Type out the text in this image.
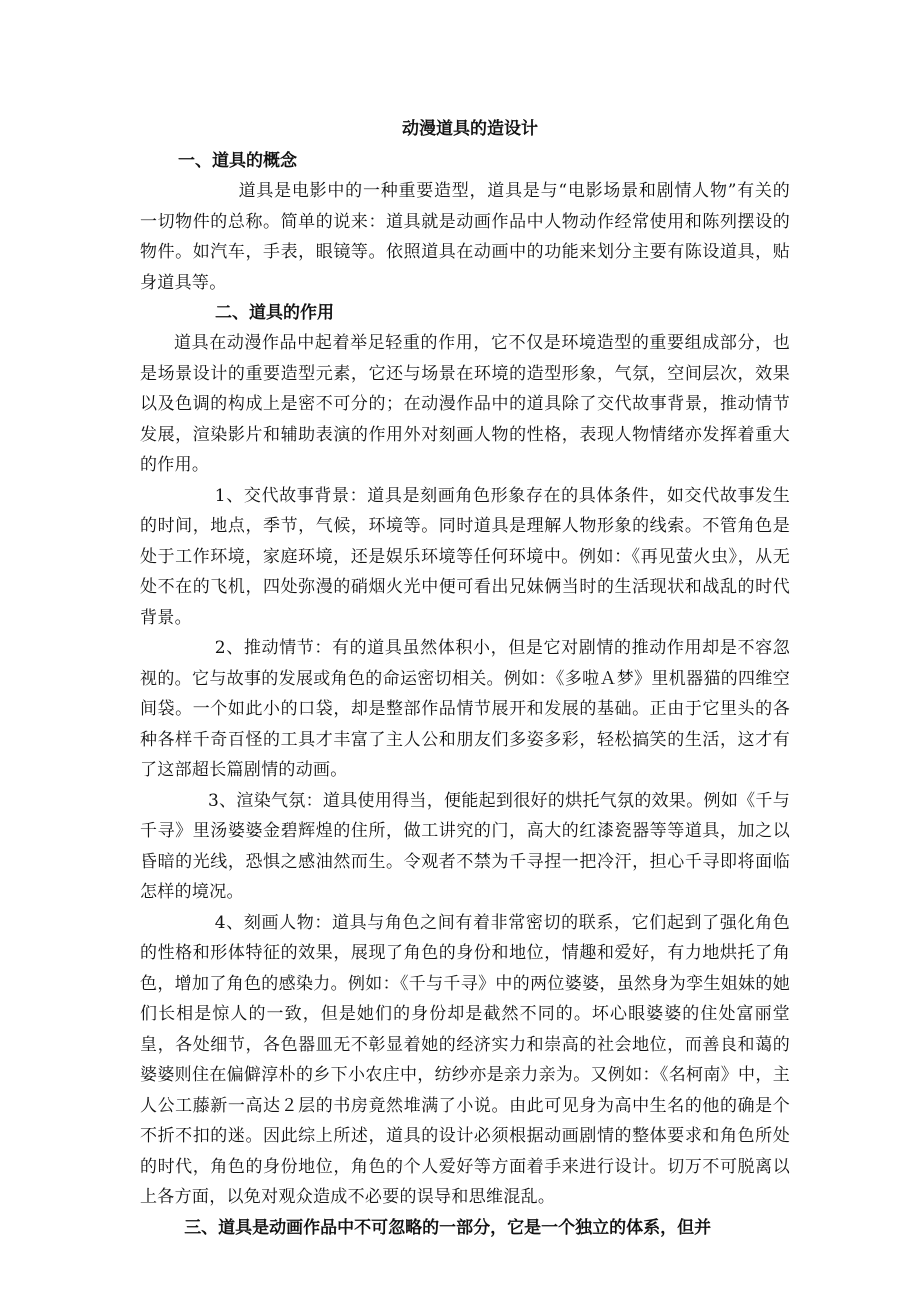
动漫道具的造设计
一、道具的概念

道具是电影中的一种重要造型，道具是与“电影场景和剧情人物”有关的一切物件的总称。简单的说来：道具就是动画作品中人物动作经常使用和陈列摆设的物件。如汽车，手表，眼镜等。依照道具在动画中的功能来划分主要有陈设道具，贴身道具等。

二、道具的作用

道具在动漫作品中起着举足轻重的作用，它不仅是环境造型的重要组成部分，也是场景设计的重要造型元素，它还与场景在环境的造型形象，气氛，空间层次，效果以及色调的构成上是密不可分的；在动漫作品中的道具除了交代故事背景，推动情节发展，渲染影片和辅助表演的作用外对刻画人物的性格，表现人物情绪亦发挥着重大的作用。

1、交代故事背景：道具是刻画角色形象存在的具体条件，如交代故事发生的时间，地点，季节，气候，环境等。同时道具是理解人物形象的线索。不管角色是处于工作环境，家庭环境，还是娱乐环境等任何环境中。例如：《再见萤火虫》，从无处不在的飞机，四处弥漫的硝烟火光中便可看出兄妹俩当时的生活现状和战乱的时代背景。

2、推动情节：有的道具虽然体积小，但是它对剧情的推动作用却是不容忽视的。它与故事的发展或角色的命运密切相关。例如：《多啦Ａ梦》里机器猫的四维空间袋。一个如此小的口袋，却是整部作品情节展开和发展的基础。正由于它里头的各种各样千奇百怪的工具才丰富了主人公和朋友们多姿多彩，轻松搞笑的生活，这才有了这部超长篇剧情的动画。

3、渲染气氛：道具使用得当，便能起到很好的烘托气氛的效果。例如《千与千寻》里汤婆婆金碧辉煌的住所，做工讲究的门，高大的红漆瓷器等等道具，加之以昏暗的光线，恐惧之感油然而生。令观者不禁为千寻捏一把冷汗，担心千寻即将面临怎样的境况。

4、刻画人物：道具与角色之间有着非常密切的联系，它们起到了强化角色的性格和形体特征的效果，展现了角色的身份和地位，情趣和爱好，有力地烘托了角色，增加了角色的感染力。例如：《千与千寻》中的两位婆婆，虽然身为孪生姐妹的她们长相是惊人的一致，但是她们的身份却是截然不同的。坏心眼婆婆的住处富丽堂皇，各处细节，各色器皿无不彰显着她的经济实力和崇高的社会地位，而善良和蔼的婆婆则住在偏僻淳朴的乡下小农庄中，纺纱亦是亲力亲为。又例如：《名柯南》中，主人公工藤新一高达２层的书房竟然堆满了小说。由此可见身为高中生名的他的确是个不折不扣的迷。因此综上所述，道具的设计必须根据动画剧情的整体要求和角色所处的时代，角色的身份地位，角色的个人爱好等方面着手来进行设计。切万不可脱离以上各方面，以免对观众造成不必要的误导和思维混乱。

三、道具是动画作品中不可忽略的一部分，它是一个独立的体系，但并
